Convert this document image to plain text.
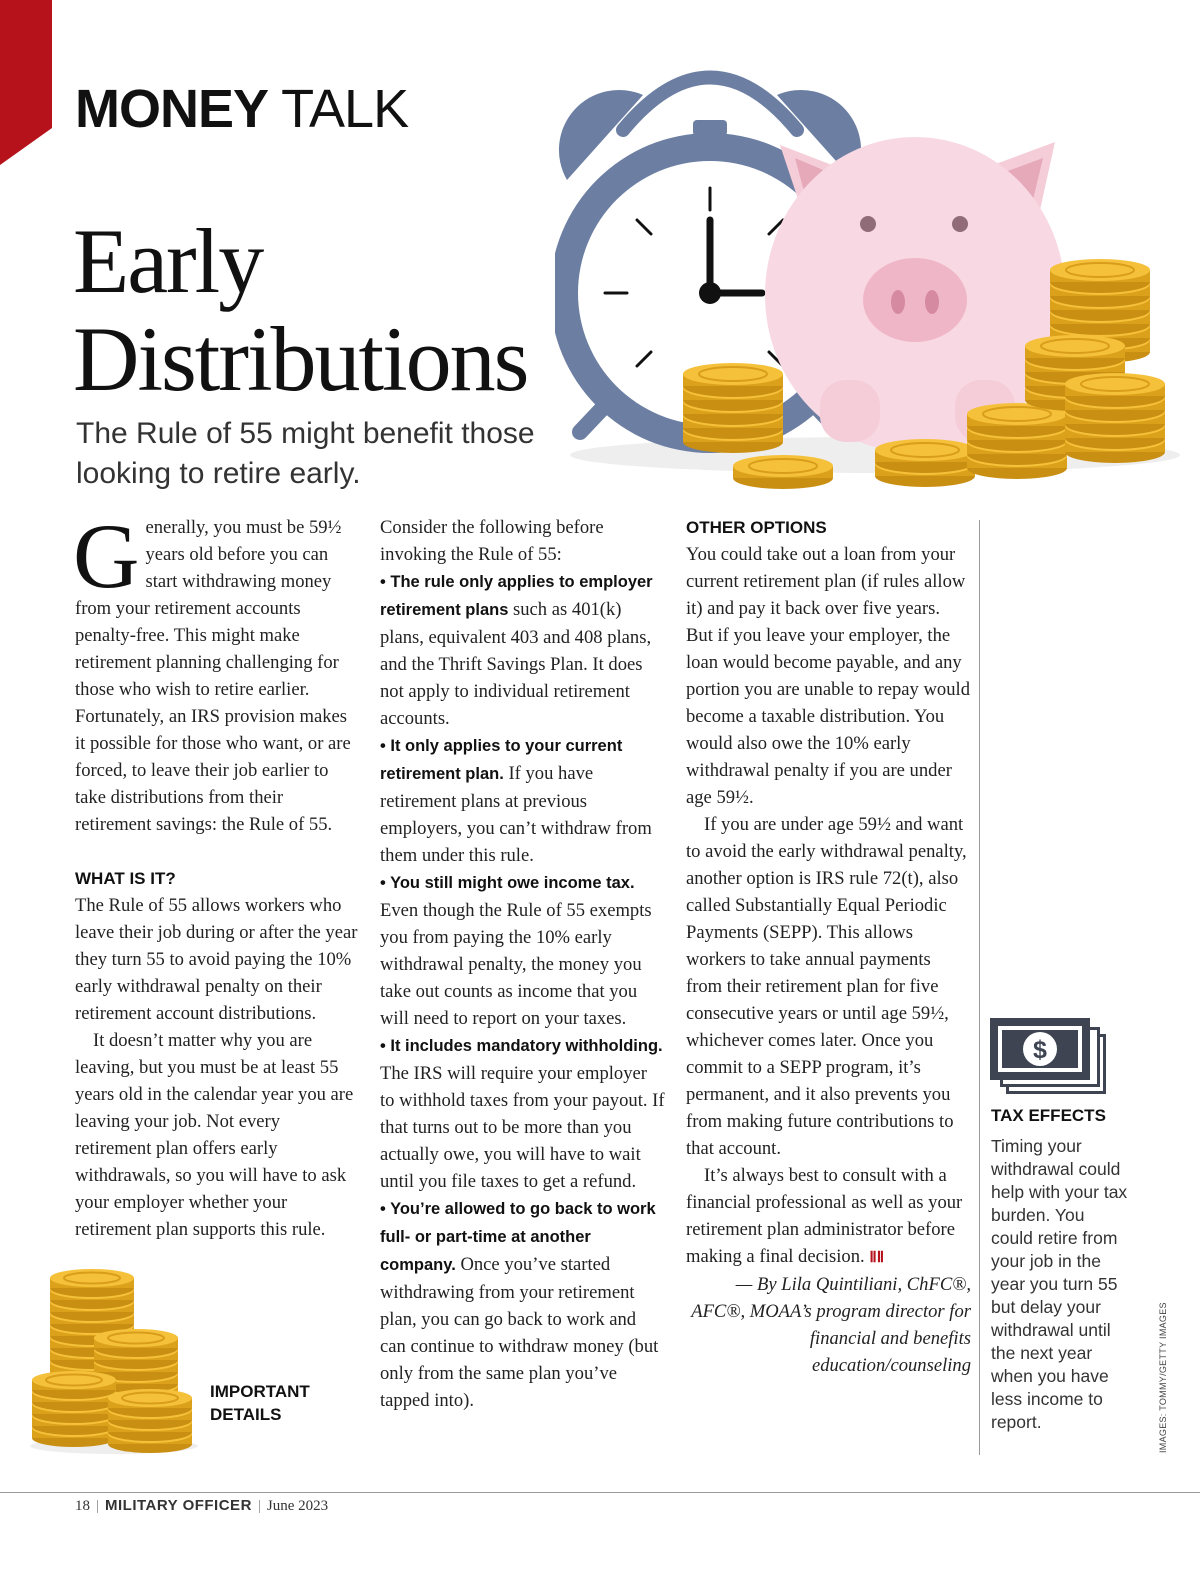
MONEY TALK
Early
Distributions
The Rule of 55 might benefit those looking to retire early.

Generally, you must be 59½ years old before you can start withdrawing money from your retirement accounts penalty-free. This might make retirement planning challenging for those who wish to retire earlier. Fortunately, an IRS provision makes it possible for those who want, or are forced, to leave their job earlier to take distributions from their retirement savings: the Rule of 55.

WHAT IS IT?

The Rule of 55 allows workers who leave their job during or after the year they turn 55 to avoid paying the 10% early withdrawal penalty on their retirement account distributions.

It doesn’t matter why you are leaving, but you must be at least 55 years old in the calendar year you are leaving your job. Not every retirement plan offers early withdrawals, so you will have to ask your employer whether your retirement plan supports this rule.

Consider the following before invoking the Rule of 55:

• The rule only applies to employer retirement plans such as 401(k) plans, equivalent 403 and 408 plans, and the Thrift Savings Plan. It does not apply to individual retirement accounts.

• It only applies to your current retirement plan. If you have retirement plans at previous employers, you can’t withdraw from them under this rule.

• You still might owe income tax. Even though the Rule of 55 exempts you from paying the 10% early withdrawal penalty, the money you take out counts as income that you will need to report on your taxes.

• It includes mandatory withholding. The IRS will require your employer to withhold taxes from your payout. If that turns out to be more than you actually owe, you will have to wait until you file taxes to get a refund.

• You’re allowed to go back to work full- or part-time at another company. Once you’ve started withdrawing from your retirement plan, you can go back to work and can continue to withdraw money (but only from the same plan you’ve tapped into).

OTHER OPTIONS

You could take out a loan from your current retirement plan (if rules allow it) and pay it back over five years. But if you leave your employer, the loan would become payable, and any portion you are unable to repay would become a taxable distribution. You would also owe the 10% early withdrawal penalty if you are under age 59½.

If you are under age 59½ and want to avoid the early withdrawal penalty, another option is IRS rule 72(t), also called Substantially Equal Periodic Payments (SEPP). This allows workers to take annual payments from their retirement plan for five consecutive years or until age 59½, whichever comes later. Once you commit to a SEPP program, it’s permanent, and it also prevents you from making future contributions to that account.

It’s always best to consult with a financial professional as well as your retirement plan administrator before making a final decision. ⅡⅡ

— By Lila Quintiliani, ChFC®, AFC®, MOAA’s program director for financial and benefits education/counseling

IMPORTANT DETAILS
$
TAX EFFECTS
Timing your withdrawal could help with your tax burden. You could retire from your job in the year you turn 55 but delay your withdrawal until the next year when you have less income to report.	IMAGES: TOMMY/GETTY IMAGES
18 | MILITARY OFFICER | June 2023
